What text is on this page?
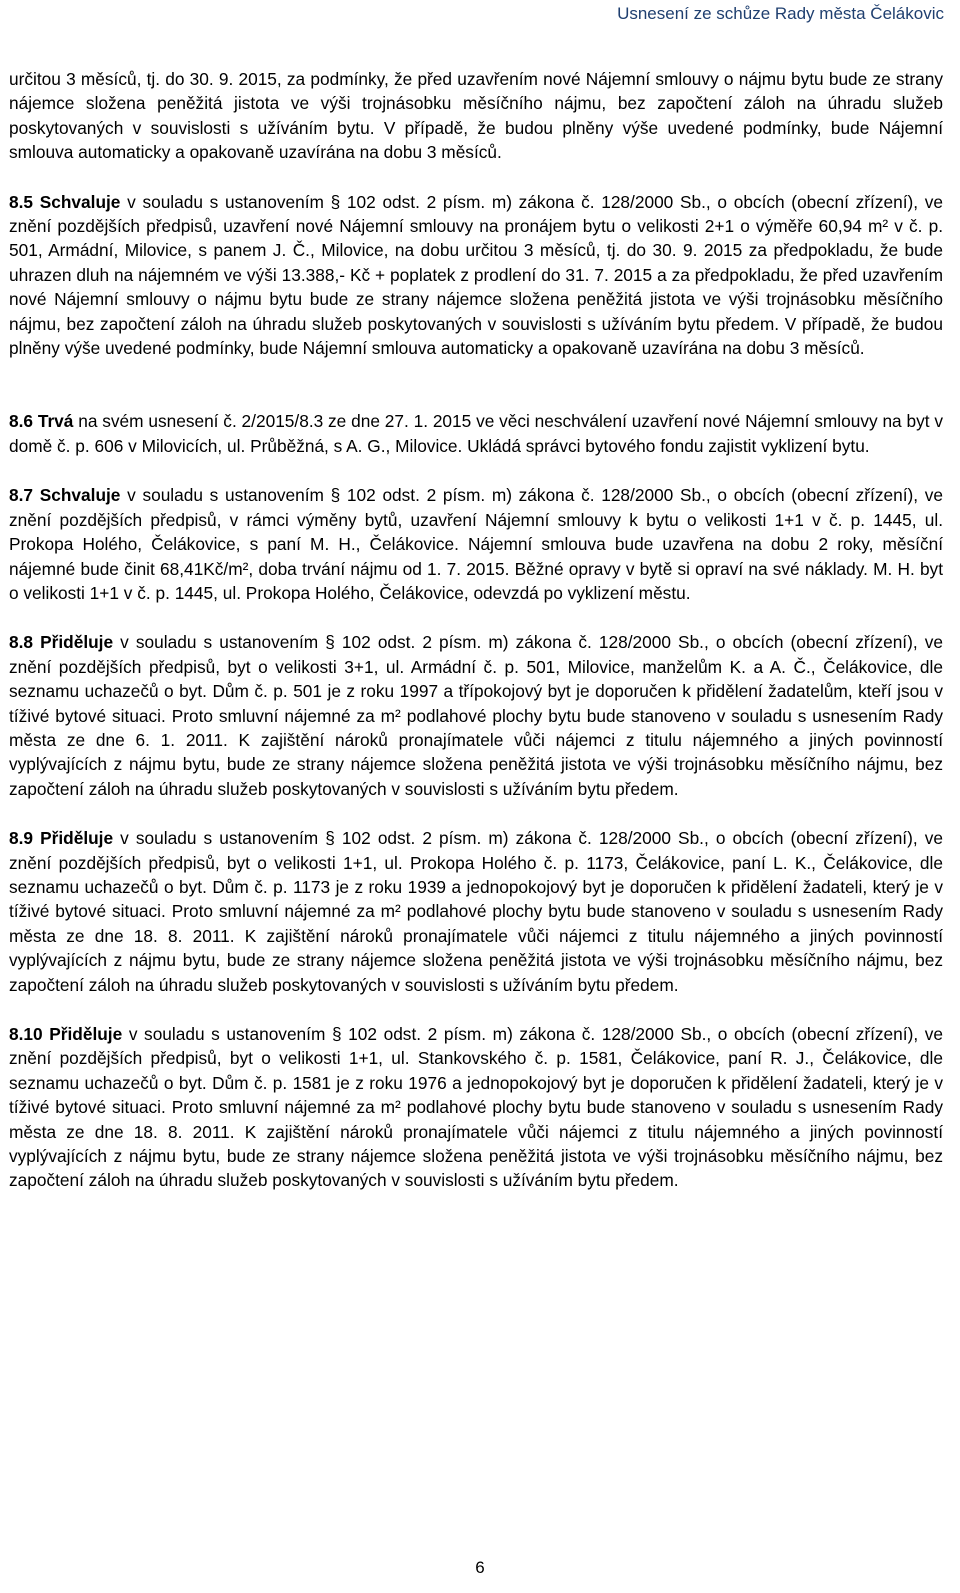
Usnesení ze schůze Rady města Čelákovic

určitou 3 měsíců, tj. do 30. 9. 2015, za podmínky, že před uzavřením nové Nájemní smlouvy o nájmu bytu bude ze strany nájemce složena peněžitá jistota ve výši trojnásobku měsíčního nájmu, bez započtení záloh na úhradu služeb poskytovaných v souvislosti s užíváním bytu. V případě, že budou plněny výše uvedené podmínky, bude Nájemní smlouva automaticky a opakovaně uzavírána na dobu 3 měsíců.

8.5 Schvaluje v souladu s ustanovením § 102 odst. 2 písm. m) zákona č. 128/2000 Sb., o obcích (obecní zřízení), ve znění pozdějších předpisů, uzavření nové Nájemní smlouvy na pronájem bytu o velikosti 2+1 o výměře 60,94 m² v č. p. 501, Armádní, Milovice, s panem J. Č., Milovice, na dobu určitou 3 měsíců, tj. do 30. 9. 2015 za předpokladu, že bude uhrazen dluh na nájemném ve výši 13.388,- Kč + poplatek z prodlení do 31. 7. 2015 a za předpokladu, že před uzavřením nové Nájemní smlouvy o nájmu bytu bude ze strany nájemce složena peněžitá jistota ve výši trojnásobku měsíčního nájmu, bez započtení záloh na úhradu služeb poskytovaných v souvislosti s užíváním bytu předem. V případě, že budou plněny výše uvedené podmínky, bude Nájemní smlouva automaticky a opakovaně uzavírána na dobu 3 měsíců.

8.6 Trvá na svém usnesení č. 2/2015/8.3 ze dne 27. 1. 2015 ve věci neschválení uzavření nové Nájemní smlouvy na byt v domě č. p. 606 v Milovicích, ul. Průběžná, s A. G., Milovice. Ukládá správci bytového fondu zajistit vyklizení bytu.

8.7 Schvaluje v souladu s ustanovením § 102 odst. 2 písm. m) zákona č. 128/2000 Sb., o obcích (obecní zřízení), ve znění pozdějších předpisů, v rámci výměny bytů, uzavření Nájemní smlouvy k bytu o velikosti 1+1 v č. p. 1445, ul. Prokopa Holého, Čelákovice, s paní M. H., Čelákovice. Nájemní smlouva bude uzavřena na dobu 2 roky, měsíční nájemné bude činit 68,41Kč/m², doba trvání nájmu od 1. 7. 2015. Běžné opravy v bytě si opraví na své náklady. M. H. byt o velikosti 1+1 v č. p. 1445, ul. Prokopa Holého, Čelákovice, odevzdá po vyklizení městu.

8.8 Přiděluje v souladu s ustanovením § 102 odst. 2 písm. m) zákona č. 128/2000 Sb., o obcích (obecní zřízení), ve znění pozdějších předpisů, byt o velikosti 3+1, ul. Armádní č. p. 501, Milovice, manželům K. a A. Č., Čelákovice, dle seznamu uchazečů o byt. Dům č. p. 501 je z roku 1997 a třípokojový byt je doporučen k přidělení žadatelům, kteří jsou v tíživé bytové situaci. Proto smluvní nájemné za m² podlahové plochy bytu bude stanoveno v souladu s usnesením Rady města ze dne 6. 1. 2011. K zajištění nároků pronajímatele vůči nájemci z titulu nájemného a jiných povinností vyplývajících z nájmu bytu, bude ze strany nájemce složena peněžitá jistota ve výši trojnásobku měsíčního nájmu, bez započtení záloh na úhradu služeb poskytovaných v souvislosti s užíváním bytu předem.

8.9 Přiděluje v souladu s ustanovením § 102 odst. 2 písm. m) zákona č. 128/2000 Sb., o obcích (obecní zřízení), ve znění pozdějších předpisů, byt o velikosti 1+1, ul. Prokopa Holého č. p. 1173, Čelákovice, paní L. K., Čelákovice, dle seznamu uchazečů o byt. Dům č. p. 1173 je z roku 1939 a jednopokojový byt je doporučen k přidělení žadateli, který je v tíživé bytové situaci. Proto smluvní nájemné za m² podlahové plochy bytu bude stanoveno v souladu s usnesením Rady města ze dne 18. 8. 2011. K zajištění nároků pronajímatele vůči nájemci z titulu nájemného a jiných povinností vyplývajících z nájmu bytu, bude ze strany nájemce složena peněžitá jistota ve výši trojnásobku měsíčního nájmu, bez započtení záloh na úhradu služeb poskytovaných v souvislosti s užíváním bytu předem.

8.10 Přiděluje v souladu s ustanovením § 102 odst. 2 písm. m) zákona č. 128/2000 Sb., o obcích (obecní zřízení), ve znění pozdějších předpisů, byt o velikosti 1+1, ul. Stankovského č. p. 1581, Čelákovice, paní R. J., Čelákovice, dle seznamu uchazečů o byt. Dům č. p. 1581 je z roku 1976 a jednopokojový byt je doporučen k přidělení žadateli, který je v tíživé bytové situaci. Proto smluvní nájemné za m² podlahové plochy bytu bude stanoveno v souladu s usnesením Rady města ze dne 18. 8. 2011. K zajištění nároků pronajímatele vůči nájemci z titulu nájemného a jiných povinností vyplývajících z nájmu bytu, bude ze strany nájemce složena peněžitá jistota ve výši trojnásobku měsíčního nájmu, bez započtení záloh na úhradu služeb poskytovaných v souvislosti s užíváním bytu předem.

6
